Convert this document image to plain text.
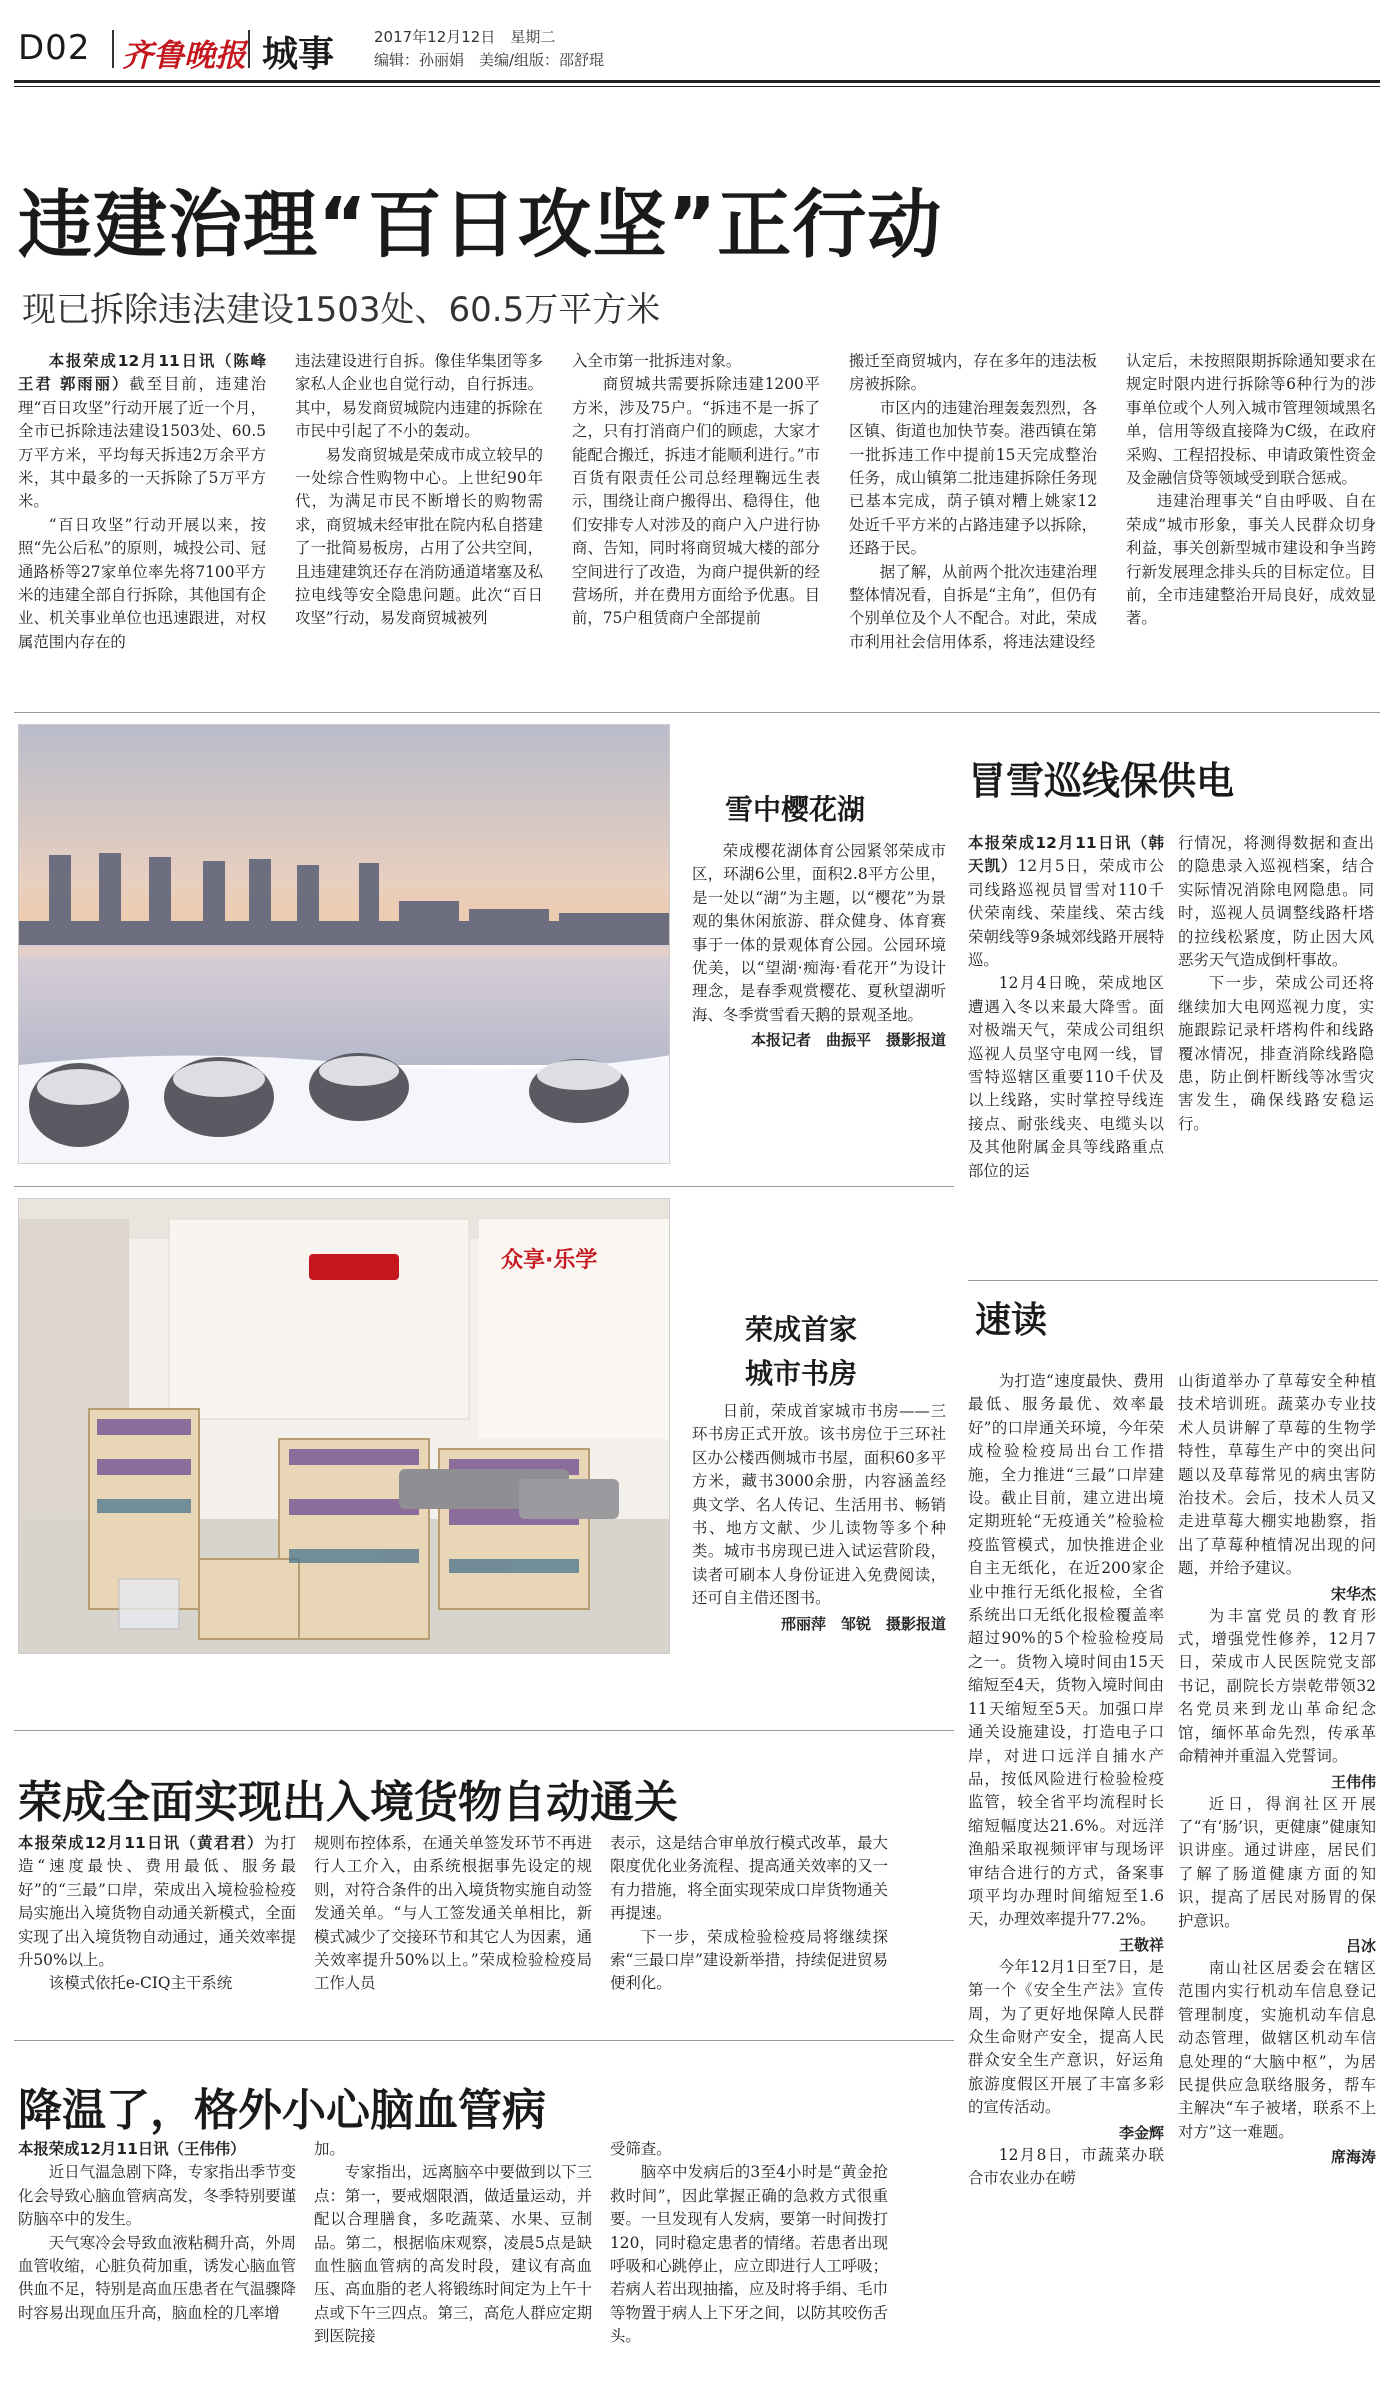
D02 齐鲁晚报 城事	2017年12月12日　星期二
编辑：孙丽娟　美编/组版：邵舒琨
违建治理“百日攻坚”正行动
现已拆除违法建设1503处、60.5万平方米

本报荣成12月11日讯（陈峰 王君 郭雨丽）截至目前，违建治理“百日攻坚”行动开展了近一个月，全市已拆除违法建设1503处、60.5万平方米，平均每天拆违2万余平方米，其中最多的一天拆除了5万平方米。

“百日攻坚”行动开展以来，按照“先公后私”的原则，城投公司、冠通路桥等27家单位率先将7100平方米的违建全部自行拆除，其他国有企业、机关事业单位也迅速跟进，对权属范围内存在的

违法建设进行自拆。像佳华集团等多家私人企业也自觉行动，自行拆违。其中，易发商贸城院内违建的拆除在市民中引起了不小的轰动。

易发商贸城是荣成市成立较早的一处综合性购物中心。上世纪90年代，为满足市民不断增长的购物需求，商贸城未经审批在院内私自搭建了一批简易板房，占用了公共空间，且违建建筑还存在消防通道堵塞及私拉电线等安全隐患问题。此次“百日攻坚”行动，易发商贸城被列

入全市第一批拆违对象。

商贸城共需要拆除违建1200平方米，涉及75户。“拆违不是一拆了之，只有打消商户们的顾虑，大家才能配合搬迁，拆违才能顺利进行。”市百货有限责任公司总经理鞠远生表示，围绕让商户搬得出、稳得住，他们安排专人对涉及的商户入户进行协商、告知，同时将商贸城大楼的部分空间进行了改造，为商户提供新的经营场所，并在费用方面给予优惠。目前，75户租赁商户全部提前

搬迁至商贸城内，存在多年的违法板房被拆除。

市区内的违建治理轰轰烈烈，各区镇、街道也加快节奏。港西镇在第一批拆违工作中提前15天完成整治任务，成山镇第二批违建拆除任务现已基本完成，荫子镇对糟上姚家12处近千平方米的占路违建予以拆除，还路于民。

据了解，从前两个批次违建治理整体情况看，自拆是“主角”，但仍有个别单位及个人不配合。对此，荣成市利用社会信用体系，将违法建设经

认定后，未按照限期拆除通知要求在规定时限内进行拆除等6种行为的涉事单位或个人列入城市管理领域黑名单，信用等级直接降为C级，在政府采购、工程招投标、申请政策性资金及金融信贷等领域受到联合惩戒。

违建治理事关“自由呼吸、自在荣成”城市形象，事关人民群众切身利益，事关创新型城市建设和争当跨行新发展理念排头兵的目标定位。目前，全市违建整治开局良好，成效显著。

雪中樱花湖

荣成樱花湖体育公园紧邻荣成市区，环湖6公里，面积2.8平方公里，是一处以“湖”为主题，以“樱花”为景观的集休闲旅游、群众健身、体育赛事于一体的景观体育公园。公园环境优美，以“望湖·痴海·看花开”为设计理念，是春季观赏樱花、夏秋望湖听海、冬季赏雪看天鹅的景观圣地。

本报记者　曲振平　摄影报道
冒雪巡线保供电

本报荣成12月11日讯（韩天凯）12月5日，荣成市公司线路巡视员冒雪对110千伏荣南线、荣崖线、荣古线荣朝线等9条城郊线路开展特巡。

12月4日晚，荣成地区遭遇入冬以来最大降雪。面对极端天气，荣成公司组织巡视人员坚守电网一线，冒雪特巡辖区重要110千伏及以上线路，实时掌控导线连接点、耐张线夹、电缆头以及其他附属金具等线路重点部位的运

行情况，将测得数据和查出的隐患录入巡视档案，结合实际情况消除电网隐患。同时，巡视人员调整线路杆塔的拉线松紧度，防止因大风恶劣天气造成倒杆事故。

下一步，荣成公司还将继续加大电网巡视力度，实施跟踪记录杆塔构件和线路覆冰情况，排查消除线路隐患，防止倒杆断线等冰雪灾害发生，确保线路安稳运行。

众享·乐学
荣成首家
城市书房

日前，荣成首家城市书房——三环书房正式开放。该书房位于三环社区办公楼西侧城市书屋，面积60多平方米，藏书3000余册，内容涵盖经典文学、名人传记、生活用书、畅销书、地方文献、少儿读物等多个种类。城市书房现已进入试运营阶段，读者可刷本人身份证进入免费阅读，还可自主借还图书。

邢丽萍　邹锐　摄影报道
速读

为打造“速度最快、费用最低、服务最优、效率最好”的口岸通关环境，今年荣成检验检疫局出台工作措施，全力推进“三最”口岸建设。截止目前，建立进出境定期班轮“无疫通关”检验检疫监管模式，加快推进企业自主无纸化，在近200家企业中推行无纸化报检，全省系统出口无纸化报检覆盖率超过90%的5个检验检疫局之一。货物入境时间由15天缩短至4天，货物入境时间由11天缩短至5天。加强口岸通关设施建设，打造电子口岸，对进口远洋自捕水产品，按低风险进行检验检疫监管，较全省平均流程时长缩短幅度达21.6%。对远洋渔船采取视频评审与现场评审结合进行的方式，备案事项平均办理时间缩短至1.6天，办理效率提升77.2%。

王敬祥

今年12月1日至7日，是第一个《安全生产法》宣传周，为了更好地保障人民群众生命财产安全，提高人民群众安全生产意识，好运角旅游度假区开展了丰富多彩的宣传活动。

李金辉

12月8日，市蔬菜办联合市农业办在崂

山街道举办了草莓安全种植技术培训班。蔬菜办专业技术人员讲解了草莓的生物学特性，草莓生产中的突出问题以及草莓常见的病虫害防治技术。会后，技术人员又走进草莓大棚实地勘察，指出了草莓种植情况出现的问题，并给予建议。

宋华杰

为丰富党员的教育形式，增强党性修养，12月7日，荣成市人民医院党支部书记，副院长方崇乾带领32名党员来到龙山革命纪念馆，缅怀革命先烈，传承革命精神并重温入党誓词。

王伟伟

近日，得润社区开展了“有‘肠’识，更健康”健康知识讲座。通过讲座，居民们了解了肠道健康方面的知识，提高了居民对肠胃的保护意识。

吕冰

南山社区居委会在辖区范围内实行机动车信息登记管理制度，实施机动车信息动态管理，做辖区机动车信息处理的“大脑中枢”，为居民提供应急联络服务，帮车主解决“车子被堵，联系不上对方”这一难题。

席海涛
荣成全面实现出入境货物自动通关

本报荣成12月11日讯（黄君君）为打造“速度最快、费用最低、服务最好”的“三最”口岸，荣成出入境检验检疫局实施出入境货物自动通关新模式，全面实现了出入境货物自动通过，通关效率提升50%以上。

该模式依托e-CIQ主干系统

规则布控体系，在通关单签发环节不再进行人工介入，由系统根据事先设定的规则，对符合条件的出入境货物实施自动签发通关单。“与人工签发通关单相比，新模式减少了交接环节和其它人为因素，通关效率提升50%以上。”荣成检验检疫局工作人员

表示，这是结合审单放行模式改革，最大限度优化业务流程、提高通关效率的又一有力措施，将全面实现荣成口岸货物通关再提速。

下一步，荣成检验检疫局将继续探索“三最口岸”建设新举措，持续促进贸易便利化。

降温了，格外小心脑血管病

本报荣成12月11日讯（王伟伟）

近日气温急剧下降，专家指出季节变化会导致心脑血管病高发，冬季特别要谨防脑卒中的发生。

天气寒冷会导致血液粘稠升高，外周血管收缩，心脏负荷加重，诱发心脑血管供血不足，特别是高血压患者在气温骤降时容易出现血压升高，脑血栓的几率增

加。

专家指出，远离脑卒中要做到以下三点：第一，要戒烟限酒，做适量运动，并配以合理膳食，多吃蔬菜、水果、豆制品。第二，根据临床观察，凌晨5点是缺血性脑血管病的高发时段，建议有高血压、高血脂的老人将锻练时间定为上午十点或下午三四点。第三，高危人群应定期到医院接

受筛查。

脑卒中发病后的3至4小时是“黄金抢救时间”，因此掌握正确的急救方式很重要。一旦发现有人发病，要第一时间拨打120，同时稳定患者的情绪。若患者出现呼吸和心跳停止，应立即进行人工呼吸；若病人若出现抽搐，应及时将手绢、毛巾等物置于病人上下牙之间，以防其咬伤舌头。
